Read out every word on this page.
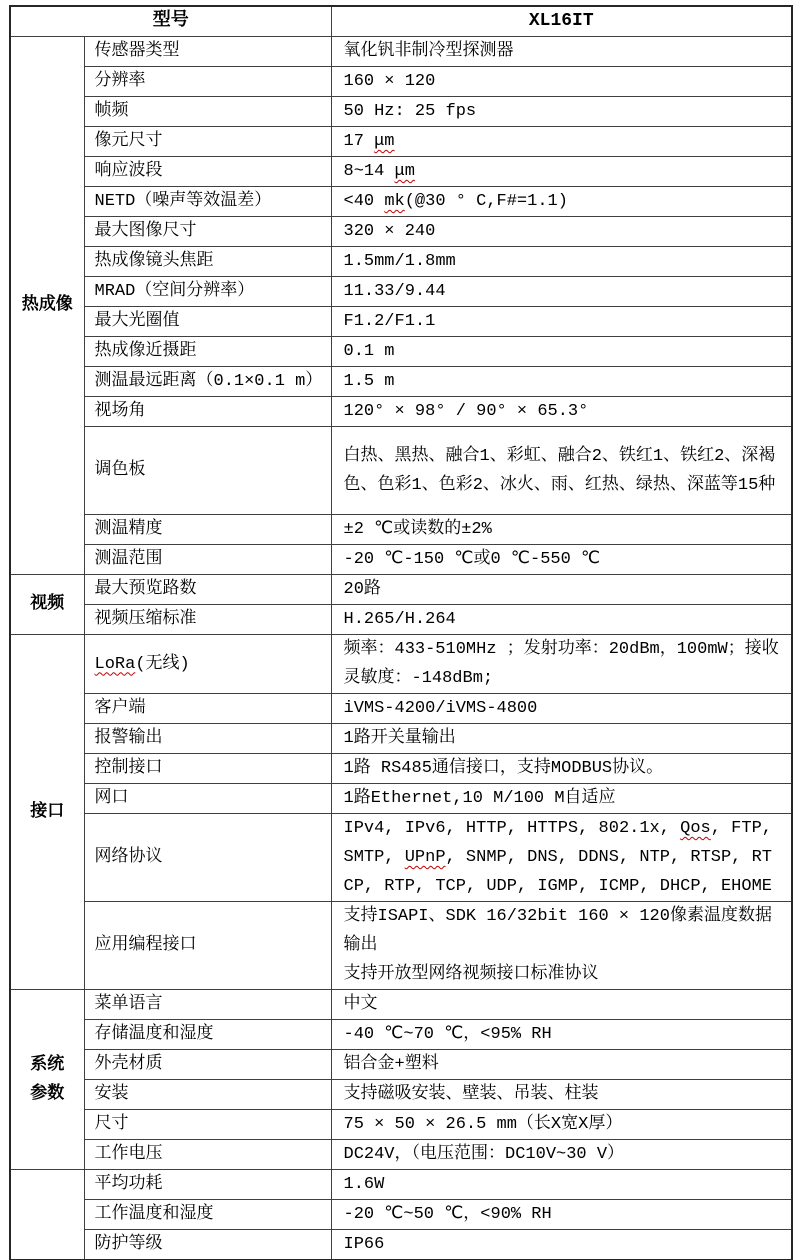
型号		XL16IT
热成像	传感器类型	氧化钒非制冷型探测器
	分辨率	160 × 120
	帧频	50 Hz: 25 fps
	像元尺寸	17 μm
	响应波段	8~14 μm
	NETD（噪声等效温差）	<40 mk(@30 ° C,F#=1.1)
	最大图像尺寸	320 × 240
	热成像镜头焦距	1.5mm/1.8mm
	MRAD（空间分辨率）	11.33/9.44
	最大光圈值	F1.2/F1.1
	热成像近摄距	0.1 m
	测温最远距离（0.1×0.1 m）	1.5 m
	视场角	120° × 98° / 90° × 65.3°
	调色板	白热、黑热、融合1、彩虹、融合2、铁红1、铁红2、深褐色、色彩1、色彩2、冰火、雨、红热、绿热、深蓝等15种
	测温精度	±2 ℃或读数的±2%
	测温范围	-20 ℃-150 ℃或0 ℃-550 ℃
视频	最大预览路数	20路
	视频压缩标准	H.265/H.264
接口	LoRa(无线)	频率：433-510MHz ；发射功率：20dBm，100mW；接收灵敏度：-148dBm;
	客户端	iVMS-4200/iVMS-4800
	报警输出	1路开关量输出
	控制接口	1路 RS485通信接口，支持MODBUS协议。
	网口	1路Ethernet,10 M/100 M自适应
	网络协议	IPv4, IPv6, HTTP, HTTPS, 802.1x, Qos, FTP, SMTP, UPnP, SNMP, DNS, DDNS, NTP, RTSP, RTCP, RTP, TCP, UDP, IGMP, ICMP, DHCP, EHOME
	应用编程接口	支持ISAPI、SDK 16/32bit 160 × 120像素温度数据输出
支持开放型网络视频接口标准协议
系统
参数	菜单语言	中文
	存储温度和湿度	-40 ℃~70 ℃，<95% RH
	外壳材质	铝合金+塑料
	安装	支持磁吸安装、壁装、吊装、柱装
	尺寸	75 × 50 × 26.5 mm（长X宽X厚）
	工作电压	DC24V，（电压范围：DC10V~30 V）
	平均功耗	1.6W
	工作温度和湿度	-20 ℃~50 ℃，<90% RH
	防护等级	IP66
